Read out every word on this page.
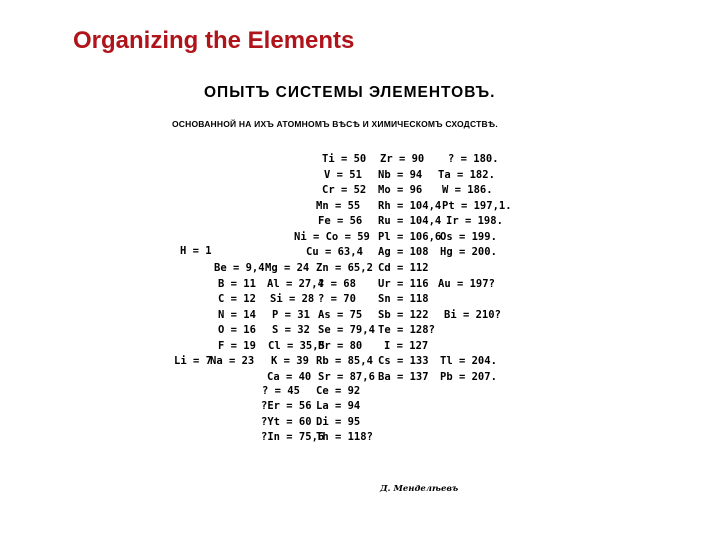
Organizing the Elements
ОПЫТЪ СИСТЕМЫ ЭЛЕМЕНТОВЪ.
ОСНОВАННОЙ НА ИХЪ АТОМНОМЪ ВѢСѢ И ХИМИЧЕСКОМЪ СХОДСТВѢ.
H = 1
Li = 7
Be = 9,4
B = 11
C = 12
N = 14
O = 16
F = 19
Na = 23
Ti = 50
V = 51
Cr = 52
Mn = 55
Fe = 56
Ni = Co = 59
Cu = 63,4
Mg = 24
Al = 27,4
Si = 28
P = 31
S = 32
Cl = 35,5
K = 39
Ca = 40
? = 45
?Er = 56
?Yt = 60
?In = 75,6
Zr = 90
Nb = 94
Mo = 96
Rh = 104,4
Ru = 104,4
Pl = 106,6
Ag = 108
Zn = 65,2 Cd = 112
? = 68 Ur = 116
? = 70 Sn = 118
As = 75 Sb = 122
Se = 79,4 Te = 128?
Br = 80 I = 127
Rb = 85,4 Cs = 133
Sr = 87,6 Ba = 137
Ce = 92
La = 94
Di = 95
Th = 118?
? = 180.
Ta = 182.
W = 186.
Pt = 197,1.
Ir = 198.
Os = 199.
Hg = 200.
Au = 197?
Bi = 210?
Tl = 204.
Pb = 207.
Д. Менделѣевъ
